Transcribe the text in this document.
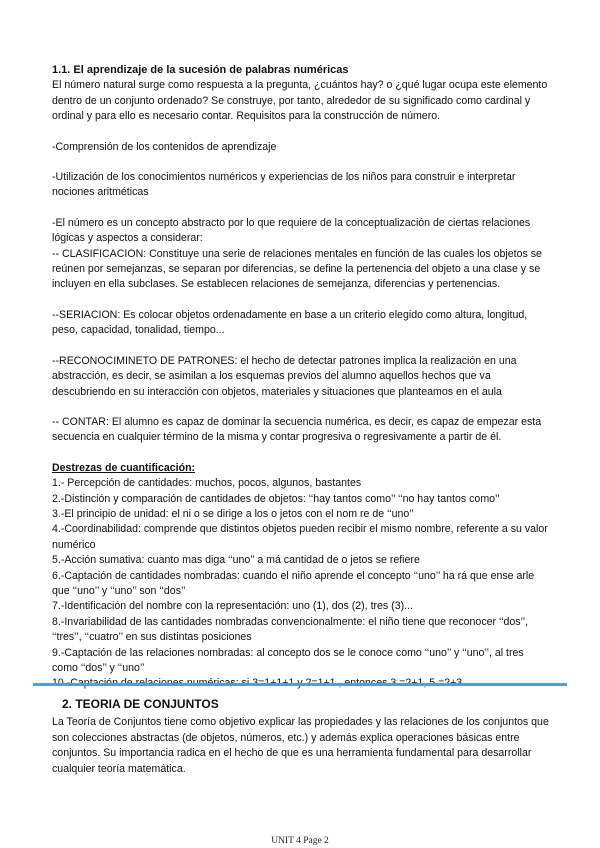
1.1. El aprendizaje de la sucesión de palabras numéricas

El número natural surge como respuesta a la pregunta, ¿cuántos hay? o ¿qué lugar ocupa este elemento dentro de un conjunto ordenado? Se construye, por tanto, alrededor de su significado como cardinal y ordinal y para ello es necesario contar. Requisitos para la construcción de número.

-Comprensión de los contenidos de aprendizaje

-Utilización de los conocimientos numéricos y experiencias de los niños para construir e interpretar nociones aritméticas

-El número es un concepto abstracto por lo que requiere de la conceptualización de ciertas relaciones lógicas y aspectos a considerar:

-- CLASIFICACION: Constituye una serie de relaciones mentales en función de las cuales los objetos se reúnen por semejanzas, se separan por diferencias, se define la pertenencia del objeto a una clase y se incluyen en ella subclases. Se establecen relaciones de semejanza, diferencias y pertenencias.

--SERIACION: Es colocar objetos ordenadamente en base a un criterio elegido como altura, longitud, peso, capacidad, tonalidad, tiempo...

--RECONOCIMINETO DE PATRONES: el hecho de detectar patrones implica la realización en una abstracción, es decir, se asimilan a los esquemas previos del alumno aquellos hechos que va descubriendo en su interacción con objetos, materiales y situaciones que planteamos en el aula

-- CONTAR: El alumno es capaz de dominar la secuencia numérica, es decir, es capaz de empezar esta secuencia en cualquier término de la misma y contar progresiva o regresivamente a partir de él.

Destrezas de cuantificación:

1.- Percepción de cantidades: muchos, pocos, algunos, bastantes

2.-Distinción y comparación de cantidades de objetos: ‘‘hay tantos como’’ ‘‘no hay tantos como’’

3.-El principio de unidad: el ni o se dirige a los o jetos con el nom re de ‘‘uno’’

4.-Coordinabilidad: comprende que distintos objetos pueden recibir el mismo nombre, referente a su valor numérico

5.-Acción sumativa: cuanto mas diga ‘‘uno’’ a má cantidad de o jetos se refiere

6.-Captación de cantidades nombradas: cuando el niño aprende el concepto ‘‘uno’’ ha rá que ense arle que ‘‘uno’’ y ‘‘uno’’ son ‘‘dos’’

7.-Identificación del nombre con la representación: uno (1), dos (2), tres (3)...

8.-Invariabilidad de las cantidades nombradas convencionalmente: el niño tiene que reconocer ‘‘dos’’, ‘‘tres’’, ‘‘cuatro’’ en sus distintas posiciones

9.-Captación de las relaciones nombradas: al concepto dos se le conoce como ‘‘uno’’ y ‘‘uno’’, al tres como ‘‘dos’’ y ‘‘uno’’

2. TEORIA DE CONJUNTOS

La Teoría de Conjuntos tiene como objetivo explicar las propiedades y las relaciones de los conjuntos que son colecciones abstractas (de objetos, números, etc.) y además explica operaciones básicas entre conjuntos. Su importancia radica en el hecho de que es una herramienta fundamental para desarrollar cualquier teoría matemática.

UNIT 4 Page 2
